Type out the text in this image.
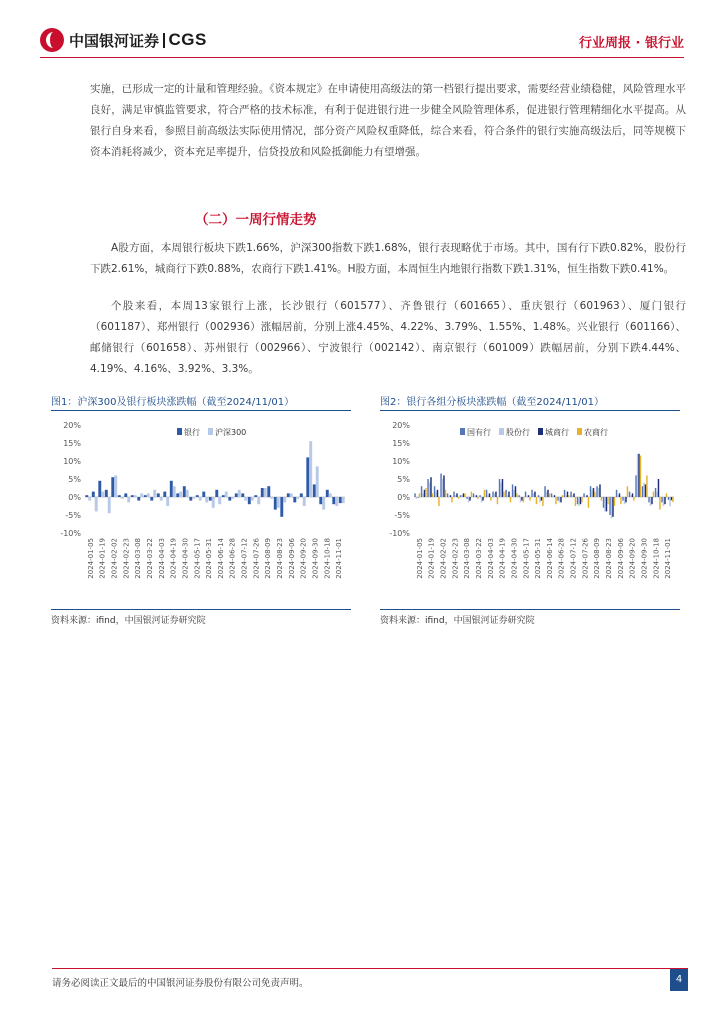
中国银河证券 CGS	行业周报 · 银行业

实施，已形成一定的计量和管理经验。《资本规定》在申请使用高级法的第一档银行提出要求，需要经营业绩稳健，风险管理水平良好，满足审慎监管要求，符合严格的技术标准，有利于促进银行进一步健全风险管理体系，促进银行管理精细化水平提高。从银行自身来看，参照目前高级法实际使用情况，部分资产风险权重降低，综合来看，符合条件的银行实施高级法后，同等规模下资本消耗将减少，资本充足率提升，信贷投放和风险抵御能力有望增强。

（二）一周行情走势

A股方面，本周银行板块下跌1.66%，沪深300指数下跌1.68%，银行表现略优于市场。其中，国有行下跌0.82%，股份行下跌2.61%，城商行下跌0.88%，农商行下跌1.41%。H股方面，本周恒生内地银行指数下跌1.31%，恒生指数下跌0.41%。

个股来看，本周13家银行上涨，长沙银行（601577）、齐鲁银行（601665）、重庆银行（601963）、厦门银行（601187）、郑州银行（002936）涨幅居前，分别上涨4.45%、4.22%、3.79%、1.55%、1.48%。兴业银行（601166）、邮储银行（601658）、苏州银行（002966）、宁波银行（002142）、南京银行（601009）跌幅居前，分别下跌4.44%、4.19%、4.16%、3.92%、3.3%。

图1：沪深300及银行板块涨跌幅（截至2024/11/01）
20%
15%
10%
5%
0%
-5%
-10%
银行 沪深300
2024-01-05 2024-01-19 2024-02-02 2024-02-23 2024-03-08 2024-03-22 2024-04-03 2024-04-19 2024-04-30 2024-05-17 2024-05-31 2024-06-14 2024-06-28 2024-07-12 2024-07-26 2024-08-09 2024-08-23 2024-09-06 2024-09-20 2024-09-30 2024-10-18 2024-11-01
资料来源：ifind，中国银河证券研究院
图2：银行各组分板块涨跌幅（截至2024/11/01）
20%
15%
10%
5%
0%
-5%
-10%
国有行 股份行 城商行 农商行
2024-01-05 2024-01-19 2024-02-02 2024-02-23 2024-03-08 2024-03-22 2024-04-03 2024-04-19 2024-04-30 2024-05-17 2024-05-31 2024-06-14 2024-06-28 2024-07-12 2024-07-26 2024-08-09 2024-08-23 2024-09-06 2024-09-20 2024-09-30 2024-10-18 2024-11-01
资料来源：ifind，中国银河证券研究院
请务必阅读正文最后的中国银河证券股份有限公司免责声明。	4
